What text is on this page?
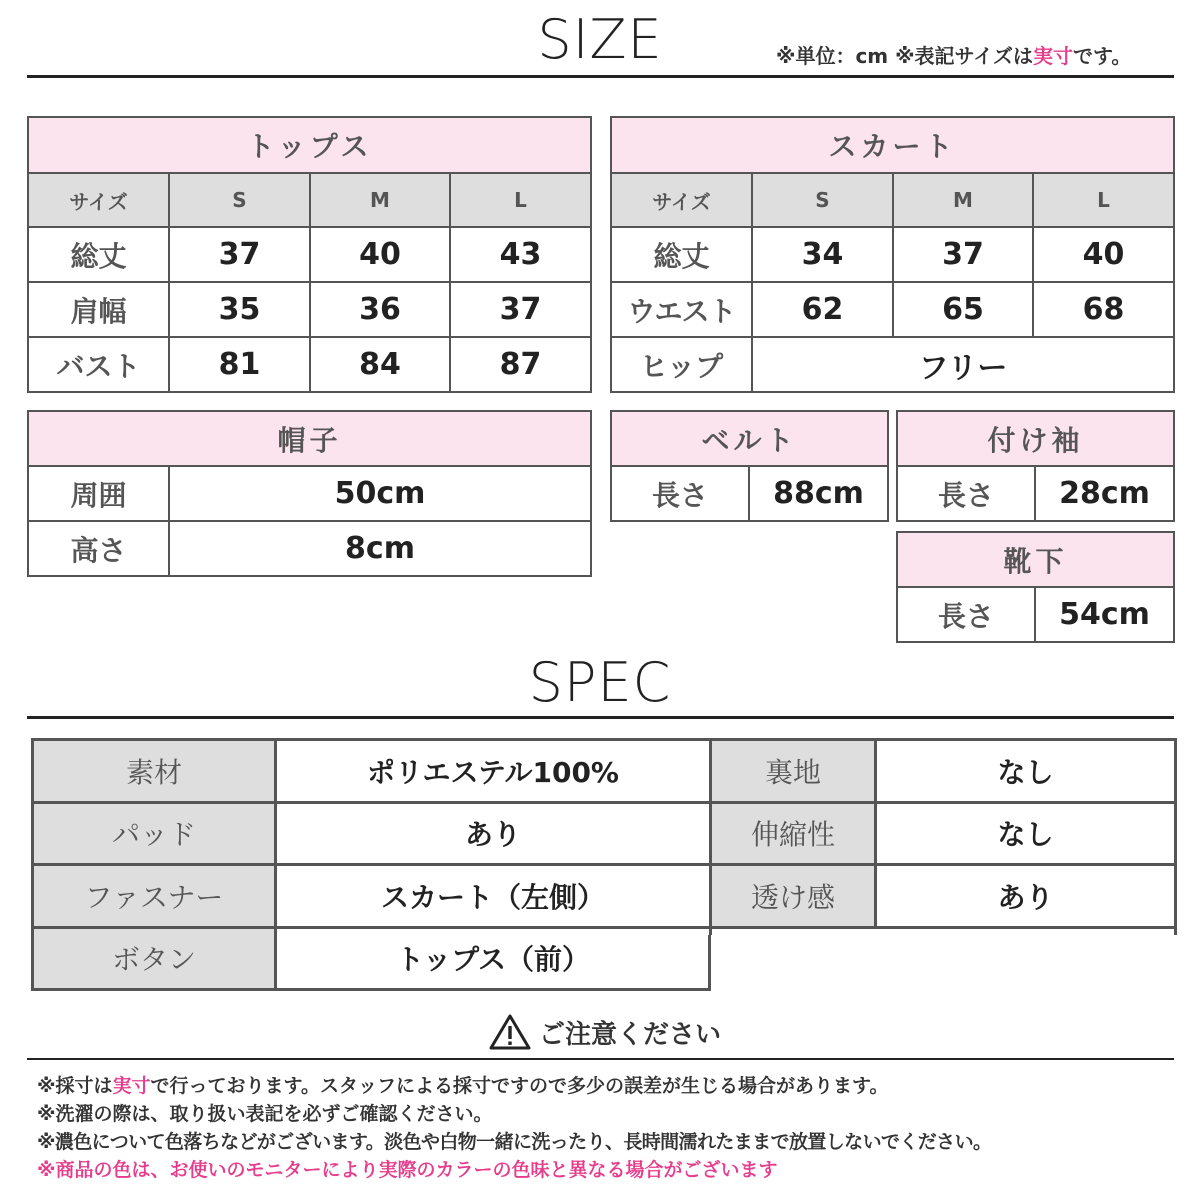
SIZE	※単位：cm ※表記サイズは実寸です。
トップス			
サイズ	S	M	L
総丈	37	40	43
肩幅	35	36	37
バスト	81	84	87
スカート			
サイズ	S	M	L
総丈	34	37	40
ウエスト	62	65	68
ヒップ	フリー		
帽子	
周囲	50cm
高さ	8cm
ベルト
長さ	88cm
付け袖
長さ	28cm
靴下
長さ	54cm
SPEC
素材	ポリエステル100%	裏地	なし
パッド	あり	伸縮性	なし
ファスナー	スカート（左側）	透け感	あり
ボタン	トップス（前）		
ご注意ください
※採寸は実寸で行っております。スタッフによる採寸ですので多少の誤差が生じる場合があります。
※洗濯の際は、取り扱い表記を必ずご確認ください。
※濃色について色落ちなどがございます。淡色や白物一緒に洗ったり、長時間濡れたままで放置しないでください。
※商品の色は、お使いのモニターにより実際のカラーの色味と異なる場合がございます
